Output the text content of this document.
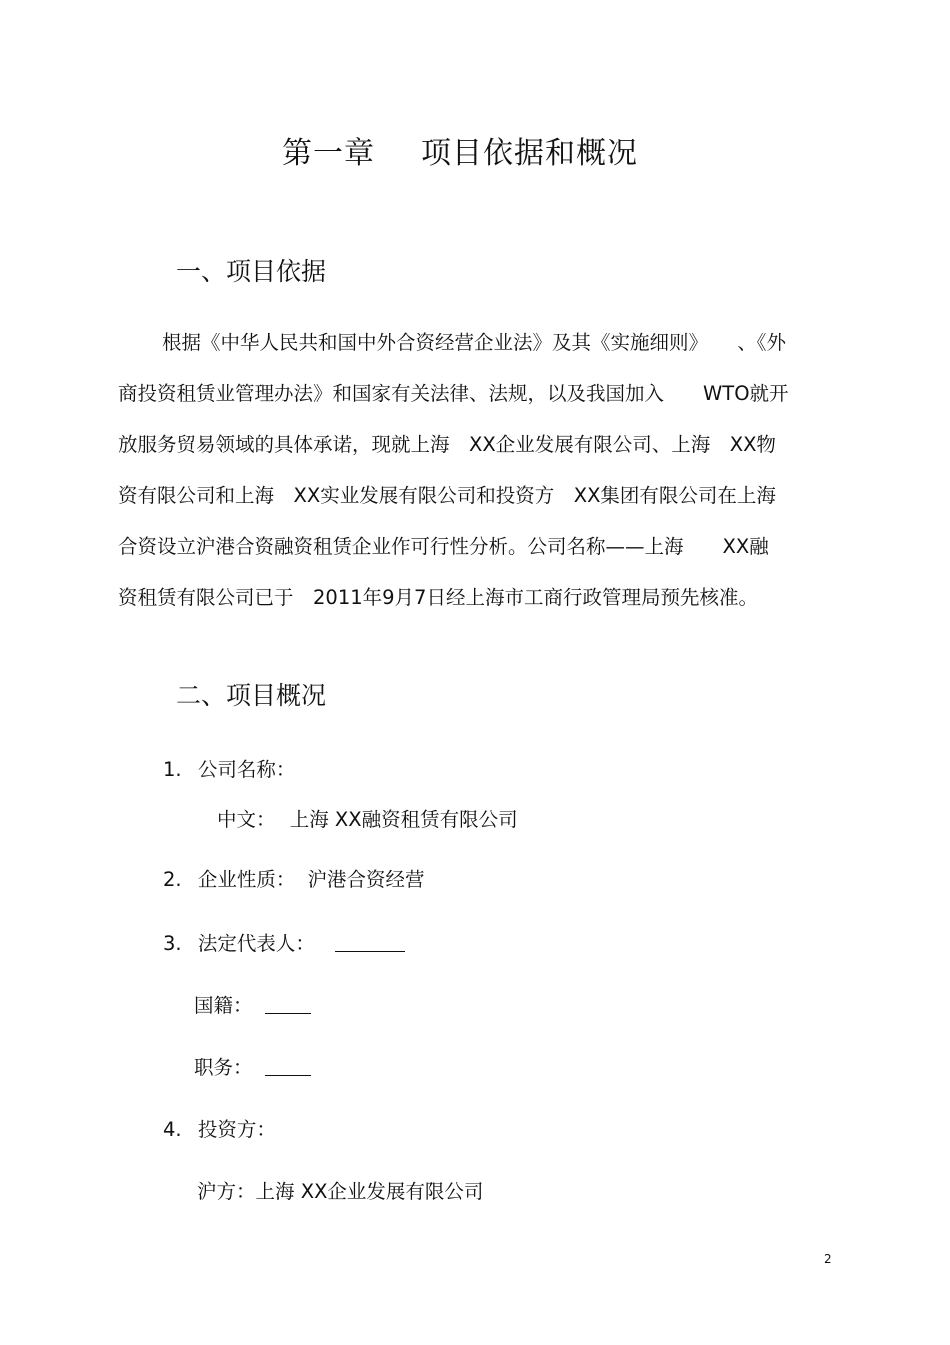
第一章 项目依据和概况
一、项目依据
根据《中华人民共和国中外合资经营企业法》及其《实施细则》　　、《外
商投资租赁业管理办法》和国家有关法律、法规，以及我国加入　　WTO就开
放服务贸易领域的具体承诺，现就上海　XX企业发展有限公司、上海　XX物
资有限公司和上海　XX实业发展有限公司和投资方　XX集团有限公司在上海
合资设立沪港合资融资租赁企业作可行性分析。公司名称——上海　　XX融
资租赁有限公司已于　2011年9月7日经上海市工商行政管理局预先核准。
二、项目概况
1. 公司名称：
中文： 上海 XX融资租赁有限公司
2. 企业性质： 沪港合资经营
3. 法定代表人：
国籍：
职务：
4. 投资方：
沪方：上海 XX企业发展有限公司
2
